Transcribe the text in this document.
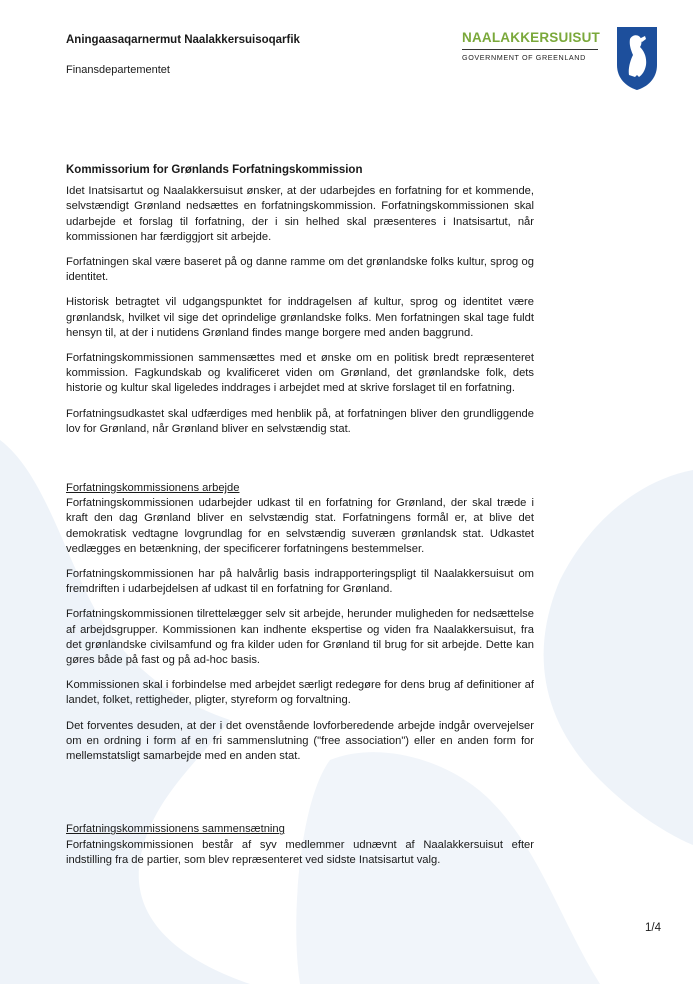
Aningaasaqarnermut Naalakkersuisoqarfik

Finansdepartementet

NAALAKKERSUISUT
GOVERNMENT OF GREENLAND

Kommissorium for Grønlands Forfatningskommission

Idet Inatsisartut og Naalakkersuisut ønsker, at der udarbejdes en forfatning for et kommende, selvstændigt Grønland nedsættes en forfatningskommission. Forfatningskommissionen skal udarbejde et forslag til forfatning, der i sin helhed skal præsenteres i Inatsisartut, når kommissionen har færdiggjort sit arbejde.

Forfatningen skal være baseret på og danne ramme om det grønlandske folks kultur, sprog og identitet.

Historisk betragtet vil udgangspunktet for inddragelsen af kultur, sprog og identitet være grønlandsk, hvilket vil sige det oprindelige grønlandske folks. Men forfatningen skal tage fuldt hensyn til, at der i nutidens Grønland findes mange borgere med anden baggrund.

Forfatningskommissionen sammensættes med et ønske om en politisk bredt repræsenteret kommission. Fagkundskab og kvalificeret viden om Grønland, det grønlandske folk, dets historie og kultur skal ligeledes inddrages i arbejdet med at skrive forslaget til en forfatning.

Forfatningsudkastet skal udfærdiges med henblik på, at forfatningen bliver den grundliggende lov for Grønland, når Grønland bliver en selvstændig stat.

Forfatningskommissionens arbejde

Forfatningskommissionen udarbejder udkast til en forfatning for Grønland, der skal træde i kraft den dag Grønland bliver en selvstændig stat. Forfatningens formål er, at blive det demokratisk vedtagne lovgrundlag for en selvstændig suveræn grønlandsk stat. Udkastet vedlægges en betænkning, der specificerer forfatningens bestemmelser.

Forfatningskommissionen har på halvårlig basis indrapporteringspligt til Naalakkersuisut om fremdriften i udarbejdelsen af udkast til en forfatning for Grønland.

Forfatningskommissionen tilrettelægger selv sit arbejde, herunder muligheden for nedsættelse af arbejdsgrupper. Kommissionen kan indhente ekspertise og viden fra Naalakkersuisut, fra det grønlandske civilsamfund og fra kilder uden for Grønland til brug for sit arbejde. Dette kan gøres både på fast og på ad-hoc basis.

Kommissionen skal i forbindelse med arbejdet særligt redegøre for dens brug af definitioner af landet, folket, rettigheder, pligter, styreform og forvaltning.

Det forventes desuden, at der i det ovenstående lovforberedende arbejde indgår overvejelser om en ordning i form af en fri sammenslutning ("free association") eller en anden form for mellemstatsligt samarbejde med en anden stat.

Forfatningskommissionens sammensætning

Forfatningskommissionen består af syv medlemmer udnævnt af Naalakkersuisut efter indstilling fra de partier, som blev repræsenteret ved sidste Inatsisartut valg.

1/4
